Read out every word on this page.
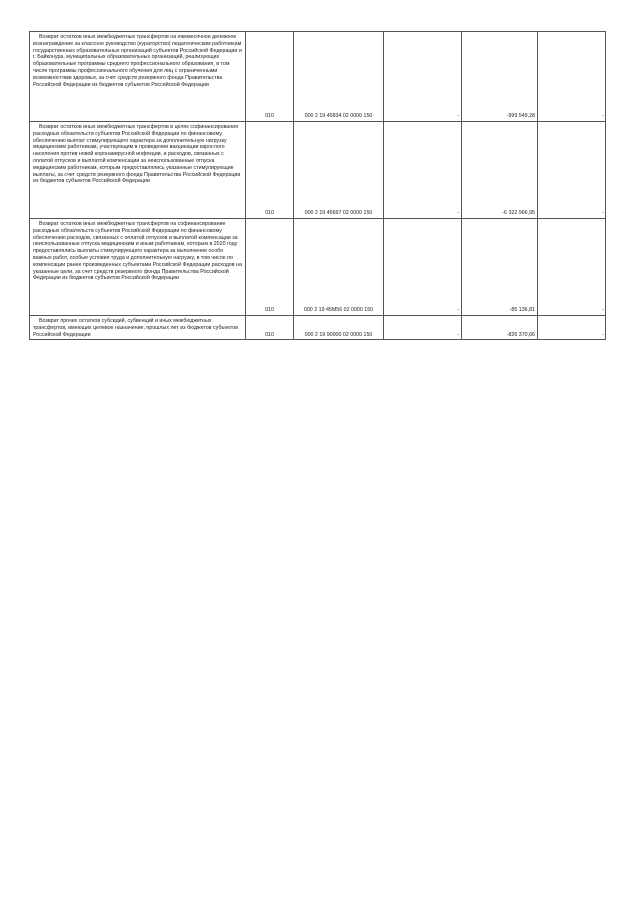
Возврат остатков иных межбюджетных трансфертов на ежемесячное денежное вознаграждение за классное руководство (кураторство) педагогическим работникам государственных образовательных организаций субъектов Российской Федерации и г. Байконура, муниципальных образовательных организаций, реализующих образовательные программы среднего профессионального образования, в том числе программы профессионального обучения для лиц с ограниченными возможностями здоровья, за счет средств резервного фонда Правительства Российской Федерации из бюджетов субъектов Российской Федерации	010	000 2 19 45834 02 0000 150	-	-999 549,28	-
Возврат остатков иных межбюджетных трансфертов в целях софинансирования расходных обязательств субъектов Российской Федерации по финансовому обеспечению выплат стимулирующего характера за дополнительную нагрузку медицинским работникам, участвующим в проведении вакцинации взрослого населения против новой коронавирусной инфекции, и расходов, связанных с оплатой отпусков и выплатой компенсации за неиспользованные отпуска медицинским работникам, которым предоставлялись указанные стимулирующие выплаты, за счет средств резервного фонда Правительства Российской Федерации из бюджетов субъектов Российской Федерации	010	000 2 19 45697 02 0000 150	-	-6 322 966,95	-
Возврат остатков иных межбюджетных трансфертов на софинансирование расходных обязательств субъектов Российской Федерации по финансовому обеспечению расходов, связанных с оплатой отпусков и выплатой компенсации за неиспользованные отпуска медицинским и иным работникам, которым в 2020 году предоставлялись выплаты стимулирующего характера за выполнение особо важных работ, особые условия труда и дополнительную нагрузку, в том числе по компенсации ранее произведенных субъектами Российской Федерации расходов на указанные цели, за счет средств резервного фонда Правительства Российской Федерации из бюджетов субъектов Российской Федерации	010	000 2 19 45М56 02 0000 150	-	-85 136,81	-
Возврат прочих остатков субсидий, субвенций и иных межбюджетных трансфертов, имеющих целевое назначение, прошлых лет из бюджетов субъектов Российской Федерации	010	000 2 19 90000 02 0000 150	-	-826 370,66	-
